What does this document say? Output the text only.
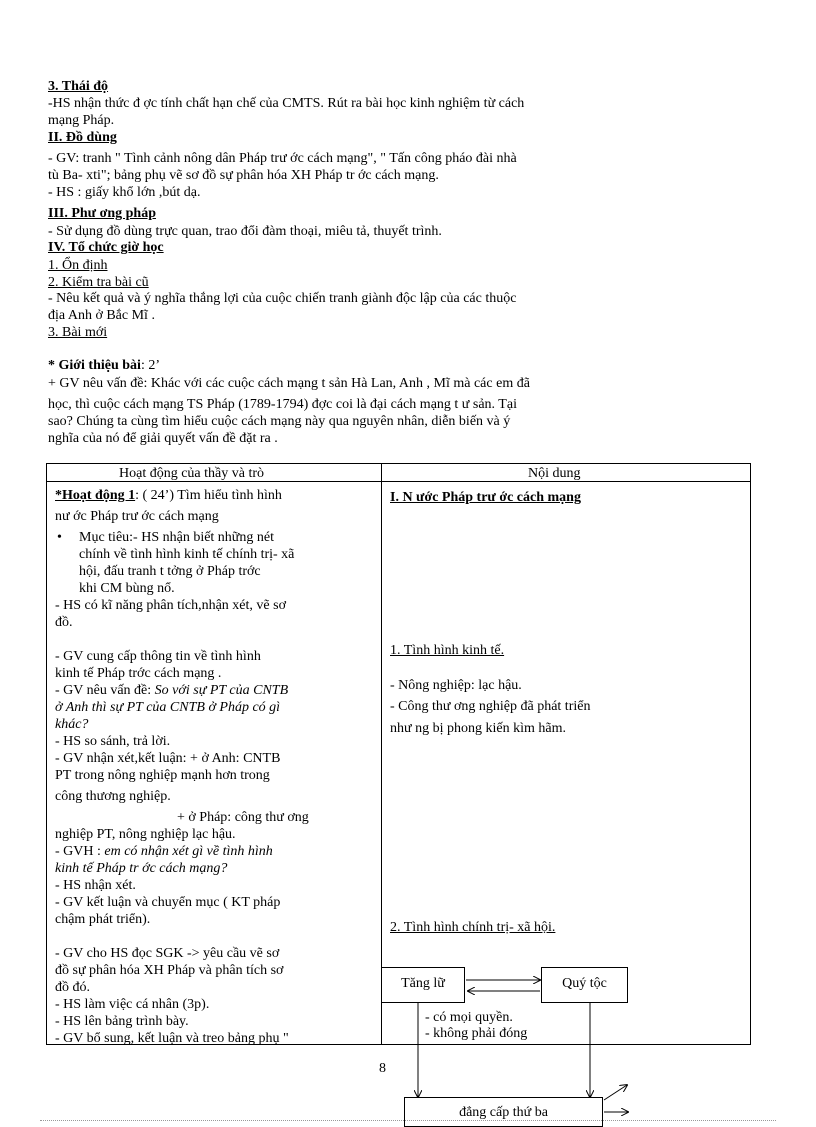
3. Thái độ
-HS nhận thức đ ợc tính chất hạn chế của CMTS. Rút ra bài học kinh nghiệm từ cách
mạng Pháp.
II. Đồ dùng
- GV: tranh " Tình cảnh nông dân Pháp trư ớc cách mạng", " Tấn công pháo đài nhà
tù Ba- xti"; bảng phụ vẽ sơ đồ sự phân hóa XH Pháp tr ớc cách mạng.
- HS : giấy khổ lớn ,bút dạ.
III. Phư ơng pháp
- Sử dụng đồ dùng trực quan, trao đổi đàm thoại, miêu tả, thuyết trình.
IV. Tổ chức giờ học
1. Ổn định
2. Kiểm tra bài cũ
- Nêu kết quả và ý nghĩa thắng lợi của cuộc chiến tranh giành độc lập của các thuộc
địa Anh ở Bắc Mĩ .
3. Bài mới
* Giới thiệu bài: 2’
+ GV nêu vấn đề: Khác với các cuộc cách mạng t sản Hà Lan, Anh , Mĩ mà các em đã
học, thì cuộc cách mạng TS Pháp (1789-1794) đợc coi là đại cách mạng t ư sản. Tại
sao? Chúng ta cùng tìm hiểu cuộc cách mạng này qua nguyên nhân, diễn biến và ý
nghĩa của nó để giải quyết vấn đề đặt ra .
Hoạt động của thầy và trò	Nội dung
*Hoạt động 1: ( 24’) Tìm hiểu tình hình
nư ớc Pháp trư ớc cách mạng
• Mục tiêu:- HS nhận biết những nét
chính về tình hình kinh tế chính trị- xã
hội, đấu tranh t tởng ở Pháp trớc
khi CM bùng nổ.
- HS có kĩ năng phân tích,nhận xét, vẽ sơ
đồ.
- GV cung cấp thông tin về tình hình
kinh tế Pháp trớc cách mạng .
- GV nêu vấn đề: So với sự PT của CNTB
ở Anh thì sự PT của CNTB ở Pháp có gì
khác?
- HS so sánh, trả lời.
- GV nhận xét,kết luận: + ở Anh: CNTB
PT trong nông nghiệp mạnh hơn trong
công thương nghiệp.
+ ở Pháp: công thư ơng
nghiệp PT, nông nghiệp lạc hậu.
- GVH : em có nhận xét gì về tình hình
kinh tế Pháp tr ớc cách mạng?
- HS nhận xét.
- GV kết luận và chuyển mục ( KT pháp
chậm phát triển).
- GV cho HS đọc SGK -> yêu cầu vẽ sơ
đồ sự phân hóa XH Pháp và phân tích sơ
đồ đó.
- HS làm việc cá nhân (3p).
- HS lên bảng trình bày.
- GV bổ sung, kết luận và treo bảng phụ "
I. N ước Pháp trư ớc cách mạng
1. Tình hình kinh tế.
- Nông nghiệp: lạc hậu.
- Công thư ơng nghiệp đã phát triển
như ng bị phong kiến kìm hãm.
2. Tình hình chính trị- xã hội.
Tăng lữ	Quý tộc
- có mọi quyền.
- không phải đóng
đẳng cấp thứ ba
8
